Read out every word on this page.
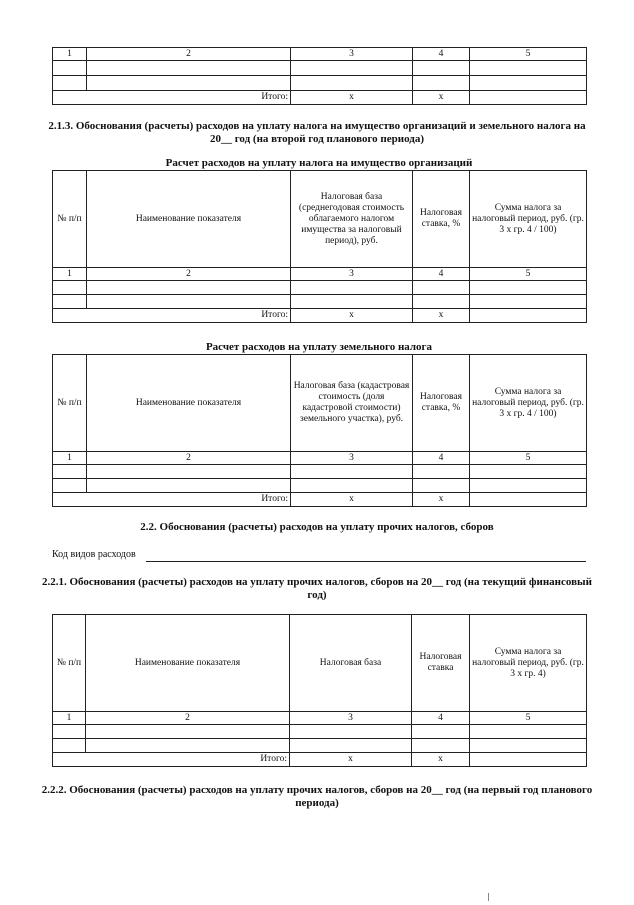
1	2	3	4	5

Итого:		x	x	
2.1.3. Обоснования (расчеты) расходов на уплату налога на имущество организаций и земельного налога на 20__ год (на второй год планового периода)
Расчет расходов на уплату налога на имущество организаций
№ п/п	Наименование показателя	Налоговая база (среднегодовая стоимость облагаемого налогом имущества за налоговый период), руб.	Налоговая ставка, %	Сумма налога за налоговый период, руб. (гр. 3 x гр. 4 / 100)
1	2	3	4	5

Итого:		x	x	
Расчет расходов на уплату земельного налога
№ п/п	Наименование показателя	Налоговая база (кадастровая стоимость (доля кадастровой стоимости) земельного участка), руб.	Налоговая ставка, %	Сумма налога за налоговый период, руб. (гр. 3 x гр. 4 / 100)
1	2	3	4	5

Итого:		x	x	
2.2. Обоснования (расчеты) расходов на уплату прочих налогов, сборов
Код видов расходов
2.2.1. Обоснования (расчеты) расходов на уплату прочих налогов, сборов на 20__ год (на текущий финансовый год)
№ п/п	Наименование показателя	Налоговая база	Налоговая ставка	Сумма налога за налоговый период, руб. (гр. 3 x гр. 4)
1	2	3	4	5

Итого:		x	x	
2.2.2. Обоснования (расчеты) расходов на уплату прочих налогов, сборов на 20__ год (на первый год планового периода)
